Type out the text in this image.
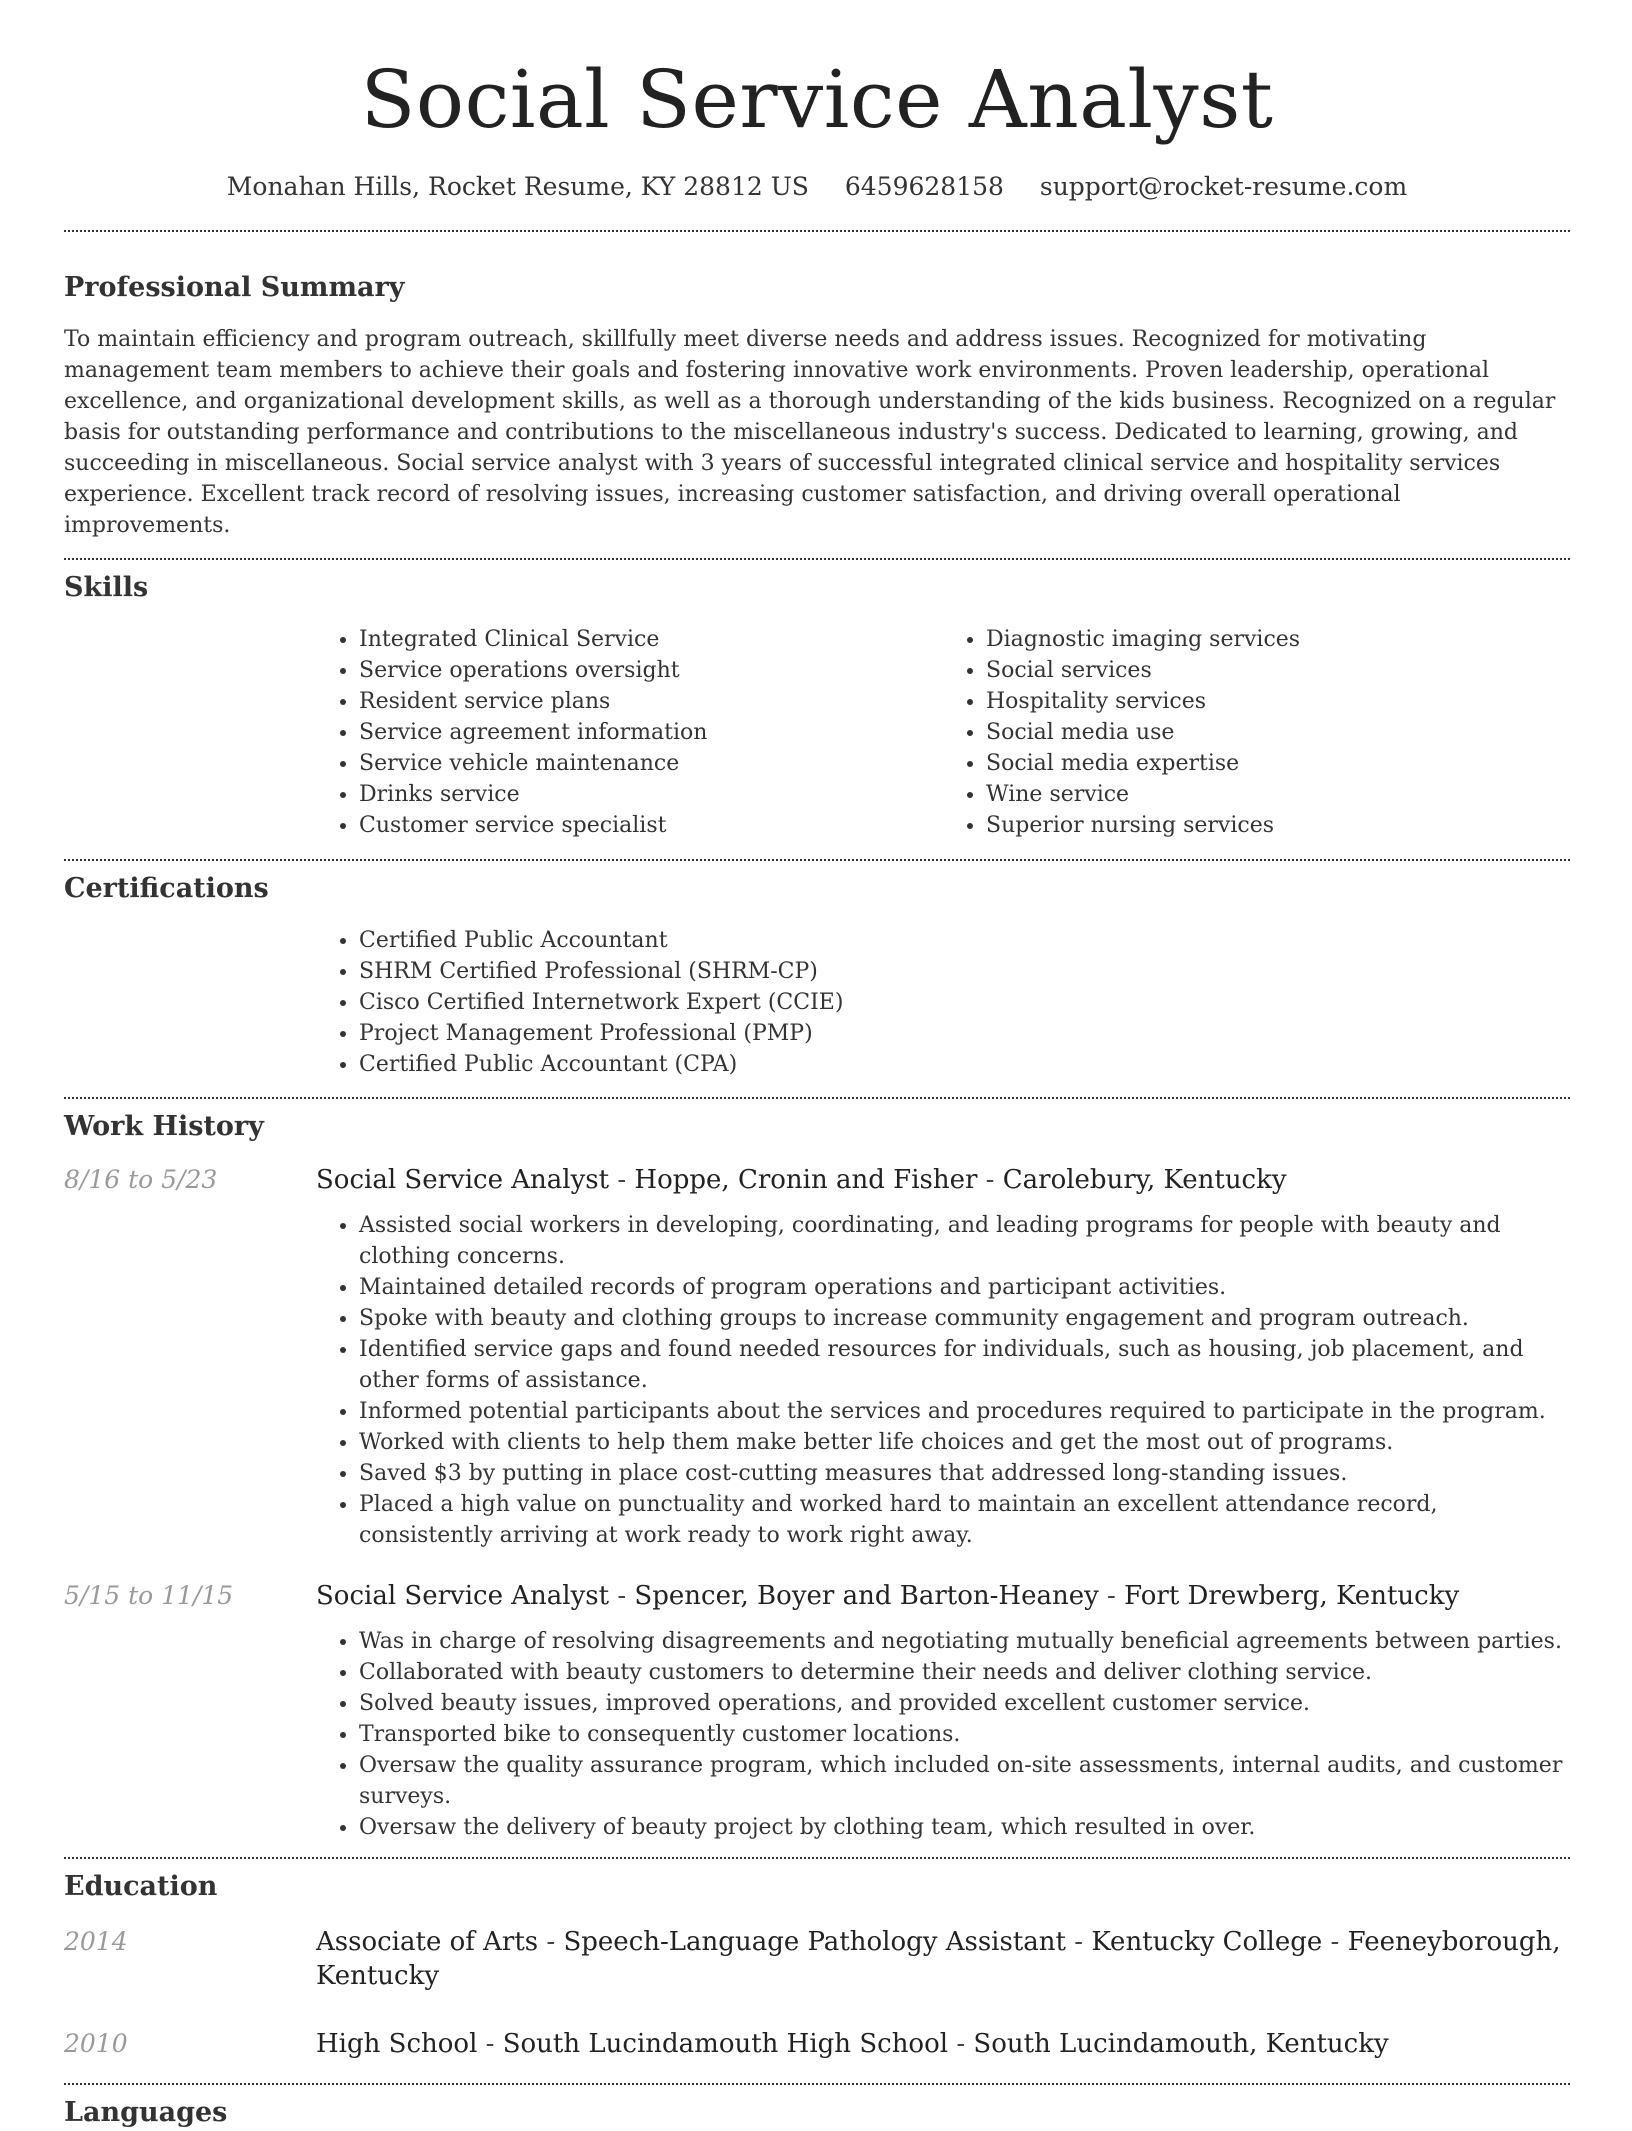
Social Service Analyst
Monahan Hills, Rocket Resume, KY 28812 US 6459628158 support@rocket-resume.com
Professional Summary

To maintain efficiency and program outreach, skillfully meet diverse needs and address issues. Recognized for motivating management team members to achieve their goals and fostering innovative work environments. Proven leadership, operational excellence, and organizational development skills, as well as a thorough understanding of the kids business. Recognized on a regular basis for outstanding performance and contributions to the miscellaneous industry's success. Dedicated to learning, growing, and succeeding in miscellaneous. Social service analyst with 3 years of successful integrated clinical service and hospitality services experience. Excellent track record of resolving issues, increasing customer satisfaction, and driving overall operational improvements.

Skills
• Integrated Clinical Service
• Service operations oversight
• Resident service plans
• Service agreement information
• Service vehicle maintenance
• Drinks service
• Customer service specialist
• Diagnostic imaging services
• Social services
• Hospitality services
• Social media use
• Social media expertise
• Wine service
• Superior nursing services
Certifications
• Certified Public Accountant
• SHRM Certified Professional (SHRM-CP)
• Cisco Certified Internetwork Expert (CCIE)
• Project Management Professional (PMP)
• Certified Public Accountant (CPA)
Work History
8/16 to 5/23	Social Service Analyst - Hoppe, Cronin and Fisher - Carolebury, Kentucky
• Assisted social workers in developing, coordinating, and leading programs for people with beauty and clothing concerns.
• Maintained detailed records of program operations and participant activities.
• Spoke with beauty and clothing groups to increase community engagement and program outreach.
• Identified service gaps and found needed resources for individuals, such as housing, job placement, and other forms of assistance.
• Informed potential participants about the services and procedures required to participate in the program.
• Worked with clients to help them make better life choices and get the most out of programs.
• Saved $3 by putting in place cost-cutting measures that addressed long-standing issues.
• Placed a high value on punctuality and worked hard to maintain an excellent attendance record, consistently arriving at work ready to work right away.
5/15 to 11/15	Social Service Analyst - Spencer, Boyer and Barton-Heaney - Fort Drewberg, Kentucky
• Was in charge of resolving disagreements and negotiating mutually beneficial agreements between parties.
• Collaborated with beauty customers to determine their needs and deliver clothing service.
• Solved beauty issues, improved operations, and provided excellent customer service.
• Transported bike to consequently customer locations.
• Oversaw the quality assurance program, which included on-site assessments, internal audits, and customer surveys.
• Oversaw the delivery of beauty project by clothing team, which resulted in over.
Education
2014	Associate of Arts - Speech-Language Pathology Assistant - Kentucky College - Feeneyborough, Kentucky
2010	High School - South Lucindamouth High School - South Lucindamouth, Kentucky
Languages
